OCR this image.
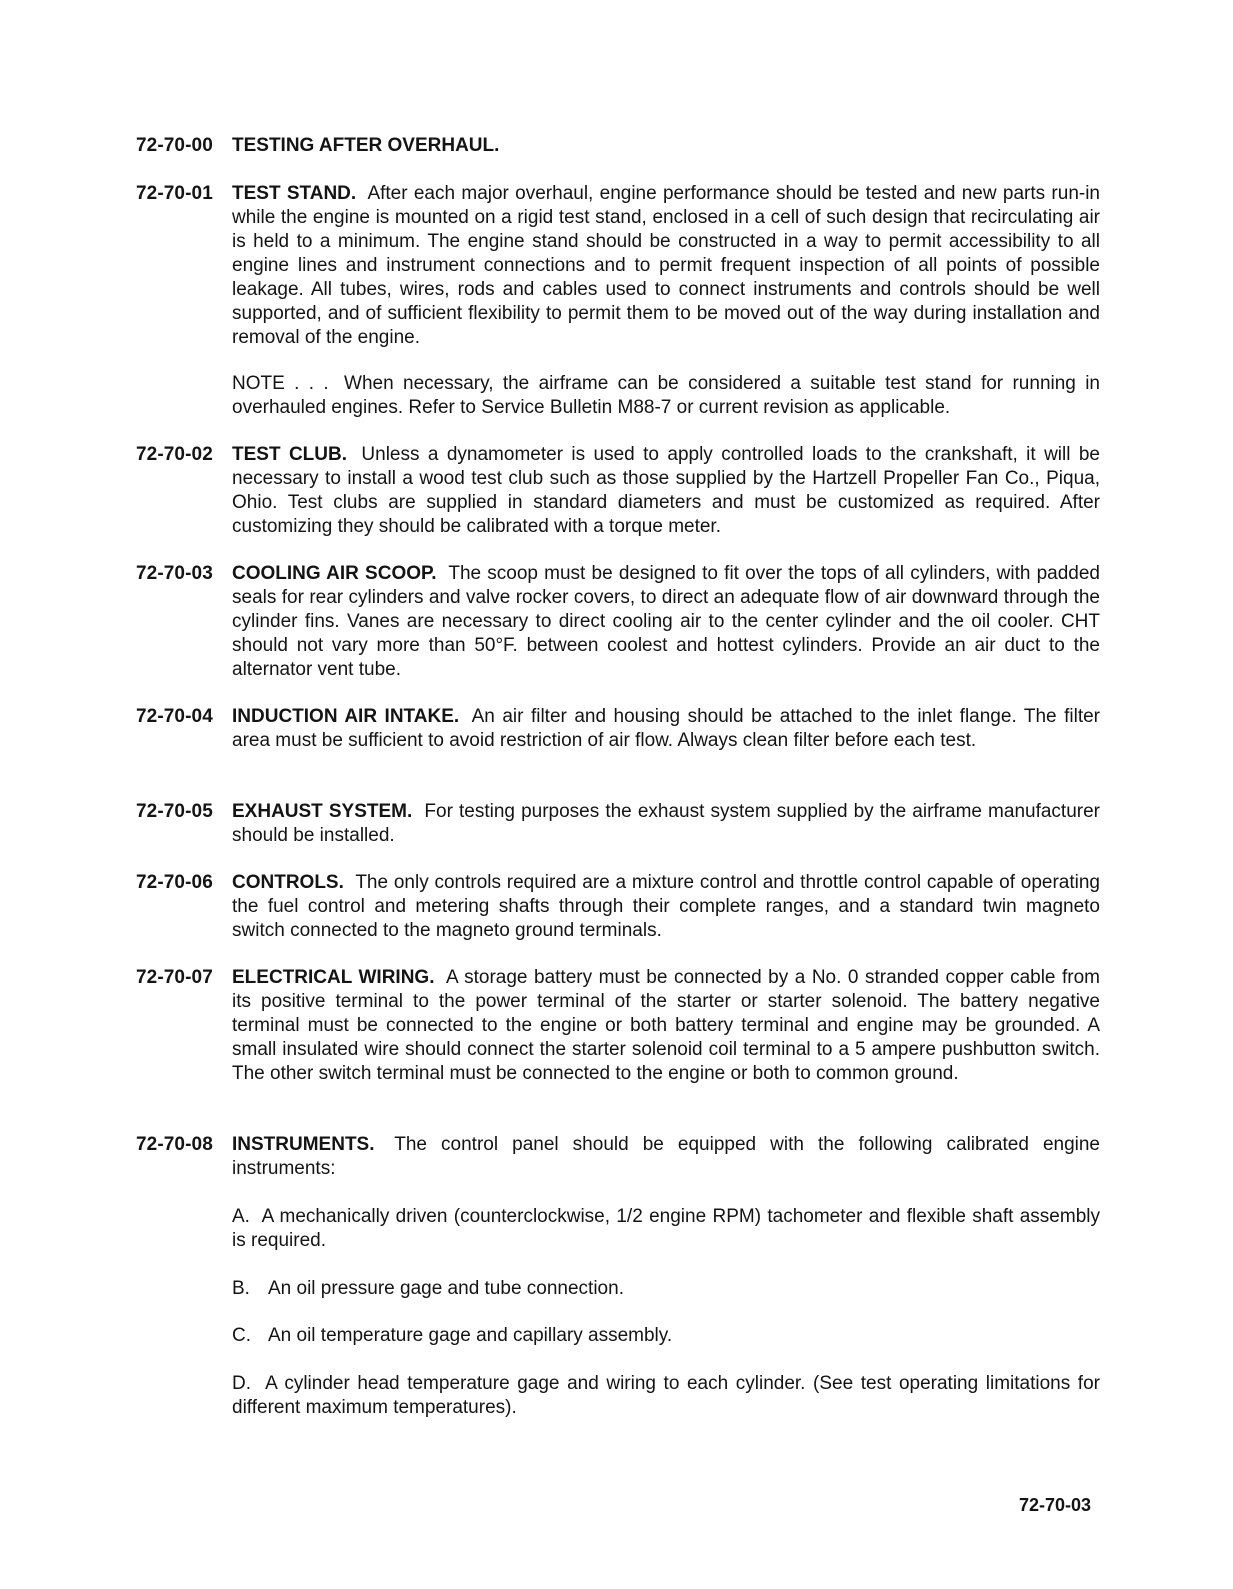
72-70-00	TESTING AFTER OVERHAUL.
72-70-01	TEST STAND. After each major overhaul, engine performance should be tested and new parts run-in while the engine is mounted on a rigid test stand, enclosed in a cell of such design that recirculating air is held to a minimum. The engine stand should be constructed in a way to permit accessibility to all engine lines and instrument connections and to permit frequent inspection of all points of possible leakage. All tubes, wires, rods and cables used to connect instruments and controls should be well supported, and of sufficient flexibility to permit them to be moved out of the way during installation and removal of the engine.
NOTE . . . When necessary, the airframe can be considered a suitable test stand for running in overhauled engines. Refer to Service Bulletin M88-7 or current revision as applicable.
72-70-02	TEST CLUB. Unless a dynamometer is used to apply controlled loads to the crankshaft, it will be necessary to install a wood test club such as those supplied by the Hartzell Propeller Fan Co., Piqua, Ohio. Test clubs are supplied in standard diameters and must be customized as required. After customizing they should be calibrated with a torque meter.
72-70-03	COOLING AIR SCOOP. The scoop must be designed to fit over the tops of all cylinders, with padded seals for rear cylinders and valve rocker covers, to direct an adequate flow of air downward through the cylinder fins. Vanes are necessary to direct cooling air to the center cylinder and the oil cooler. CHT should not vary more than 50°F. between coolest and hottest cylinders. Provide an air duct to the alternator vent tube.
72-70-04	INDUCTION AIR INTAKE. An air filter and housing should be attached to the inlet flange. The filter area must be sufficient to avoid restriction of air flow. Always clean filter before each test.
72-70-05	EXHAUST SYSTEM. For testing purposes the exhaust system supplied by the airframe manufacturer should be installed.
72-70-06	CONTROLS. The only controls required are a mixture control and throttle control capable of operating the fuel control and metering shafts through their complete ranges, and a standard twin magneto switch connected to the magneto ground terminals.
72-70-07	ELECTRICAL WIRING. A storage battery must be connected by a No. 0 stranded copper cable from its positive terminal to the power terminal of the starter or starter solenoid. The battery negative terminal must be connected to the engine or both battery terminal and engine may be grounded. A small insulated wire should connect the starter solenoid coil terminal to a 5 ampere pushbutton switch. The other switch terminal must be connected to the engine or both to common ground.
72-70-08	INSTRUMENTS. The control panel should be equipped with the following calibrated engine instruments:
A. A mechanically driven (counterclockwise, 1/2 engine RPM) tachometer and flexible shaft assembly is required.
B. An oil pressure gage and tube connection.
C. An oil temperature gage and capillary assembly.
D. A cylinder head temperature gage and wiring to each cylinder. (See test operating limitations for different maximum temperatures).
72-70-03
